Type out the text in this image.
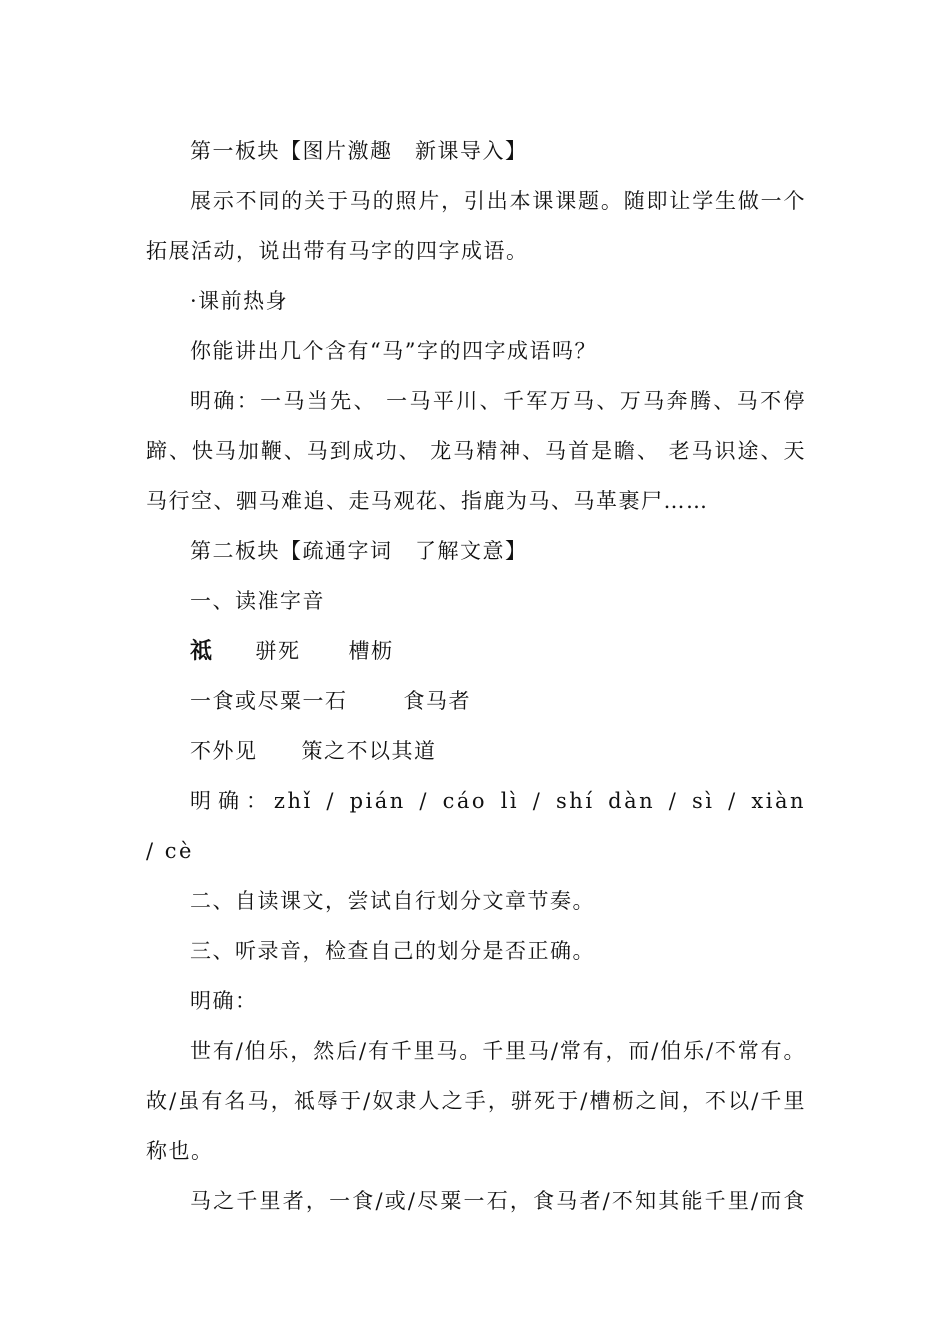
第一板块【图片激趣　新课导入】
展示不同的关于马的照片，引出本课课题。随即让学生做一个
拓展活动，说出带有马字的四字成语。
·课前热身
你能讲出几个含有“马”字的四字成语吗？
明确：一马当先、 一马平川、千军万马、万马奔腾、马不停
蹄、快马加鞭、马到成功、 龙马精神、马首是瞻、 老马识途、天
马行空、驷马难追、走马观花、指鹿为马、马革裹尸……
第二板块【疏通字词　了解文意】
一、读准字音
祗 骈死 槽枥
一食或尽粟一石	食马者
不外见 策之不以其道
明确：zhǐ / pián / cáo lì / shí dàn / sì / xiàn
/ cè
二、自读课文，尝试自行划分文章节奏。
三、听录音，检查自己的划分是否正确。
明确：
世有/伯乐，然后/有千里马。千里马/常有，而/伯乐/不常有。
故/虽有名马，祗辱于/奴隶人之手，骈死于/槽枥之间，不以/千里
称也。
马之千里者，一食/或/尽粟一石，食马者/不知其能千里/而食
